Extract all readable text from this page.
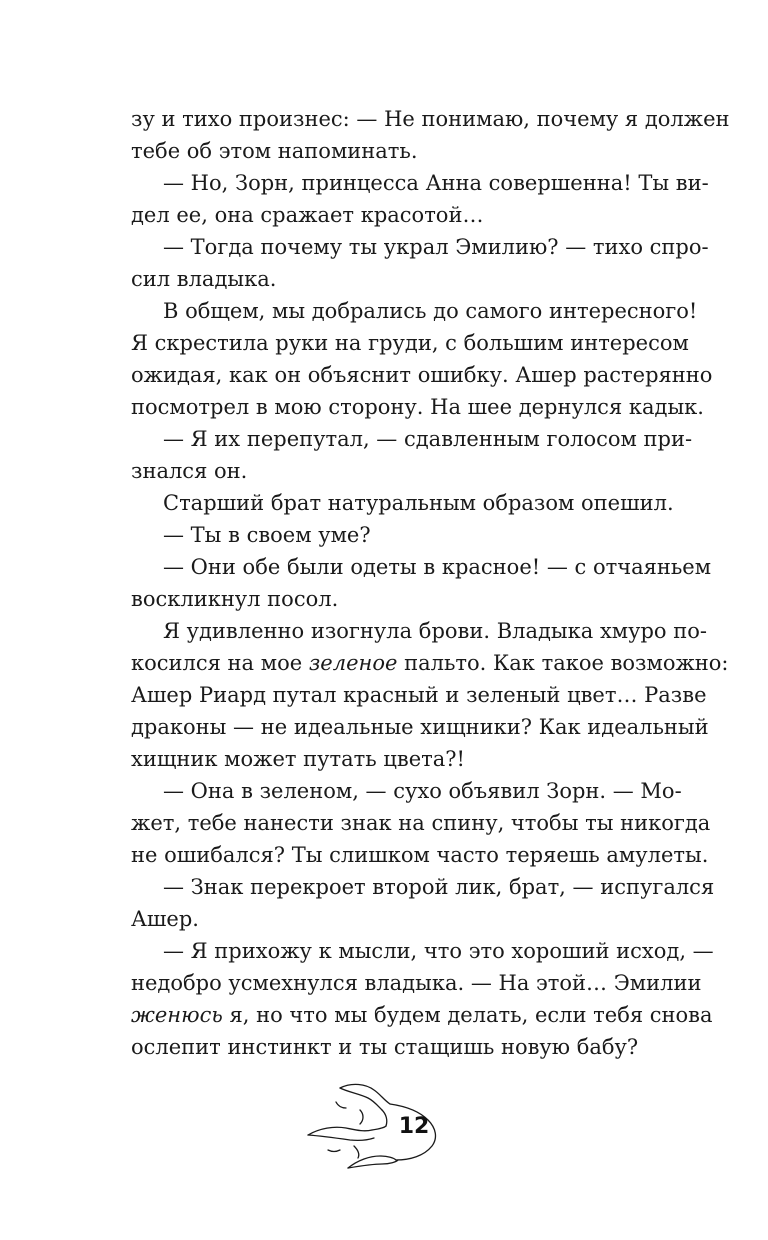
зу и тихо произнес: — Не понимаю, почему я должен
тебе об этом напоминать.
— Но, Зорн, принцесса Анна совершенна! Ты ви-
дел ее, она сражает красотой…
— Тогда почему ты украл Эмилию? — тихо спро-
сил владыка.
В общем, мы добрались до самого интересного!
Я скрестила руки на груди, с большим интересом
ожидая, как он объяснит ошибку. Ашер растерянно
посмотрел в мою сторону. На шее дернулся кадык.
— Я их перепутал, — сдавленным голосом при-
знался он.
Старший брат натуральным образом опешил.
— Ты в своем уме?
— Они обе были одеты в красное! — с отчаяньем
воскликнул посол.
Я удивленно изогнула брови. Владыка хмуро по-
косился на мое зеленое пальто. Как такое возможно:
Ашер Риард путал красный и зеленый цвет… Разве
драконы — не идеальные хищники? Как идеальный
хищник может путать цвета?!
— Она в зеленом, — сухо объявил Зорн. — Мо-
жет, тебе нанести знак на спину, чтобы ты никогда
не ошибался? Ты слишком часто теряешь амулеты.
— Знак перекроет второй лик, брат, — испугался
Ашер.
— Я прихожу к мысли, что это хороший исход, —
недобро усмехнулся владыка. — На этой… Эмилии
женюсь я, но что мы будем делать, если тебя снова
ослепит инстинкт и ты стащишь новую бабу?
12
